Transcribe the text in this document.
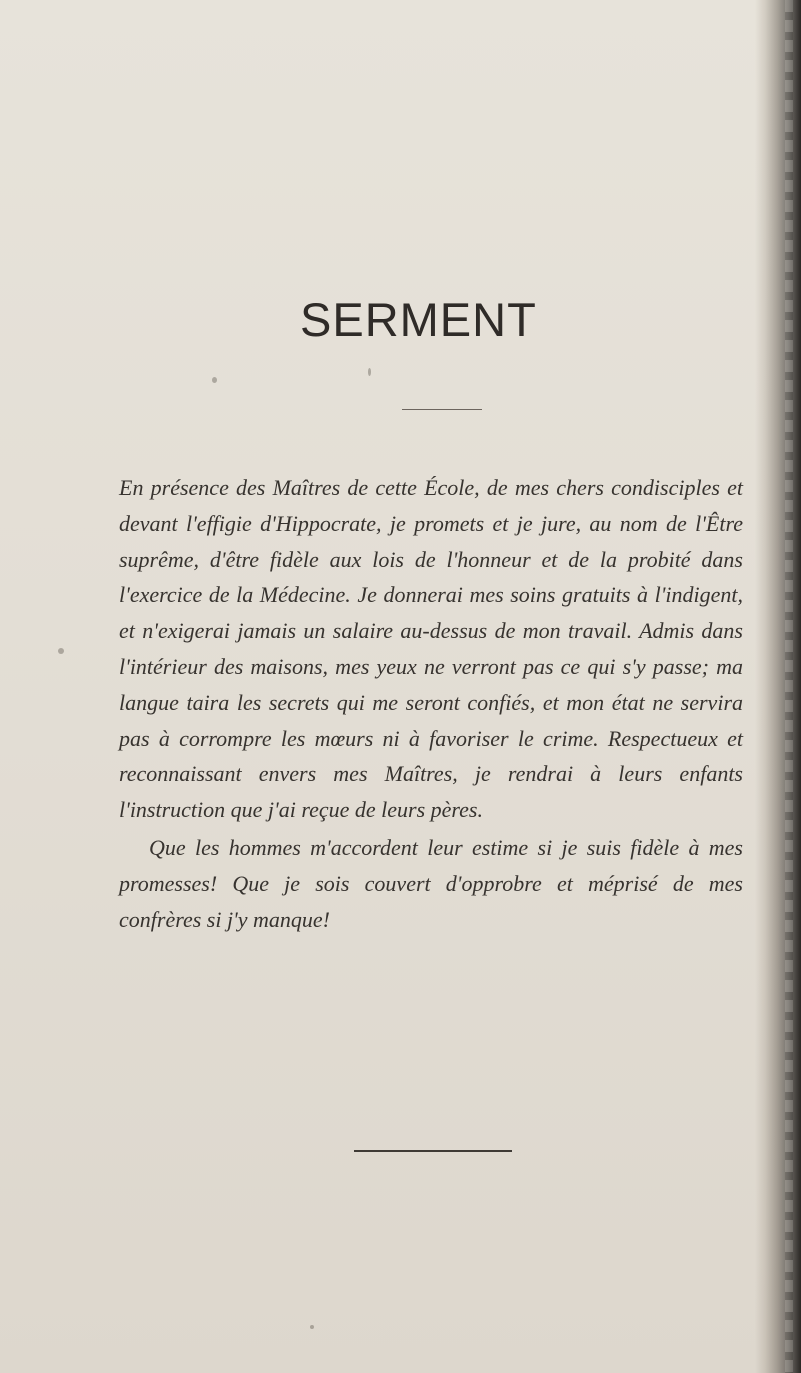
SERMENT

En présence des Maîtres de cette École, de mes chers condisciples et devant l'effigie d'Hippocrate, je promets et je jure, au nom de l'Être suprême, d'être fidèle aux lois de l'honneur et de la probité dans l'exercice de la Médecine. Je donnerai mes soins gratuits à l'indigent, et n'exigerai jamais un salaire au-dessus de mon travail. Admis dans l'intérieur des maisons, mes yeux ne verront pas ce qui s'y passe; ma langue taira les secrets qui me seront confiés, et mon état ne servira pas à corrompre les mœurs ni à favoriser le crime. Respectueux et reconnaissant envers mes Maîtres, je rendrai à leurs enfants l'instruction que j'ai reçue de leurs pères.

Que les hommes m'accordent leur estime si je suis fidèle à mes promesses! Que je sois couvert d'opprobre et méprisé de mes confrères si j'y manque!
